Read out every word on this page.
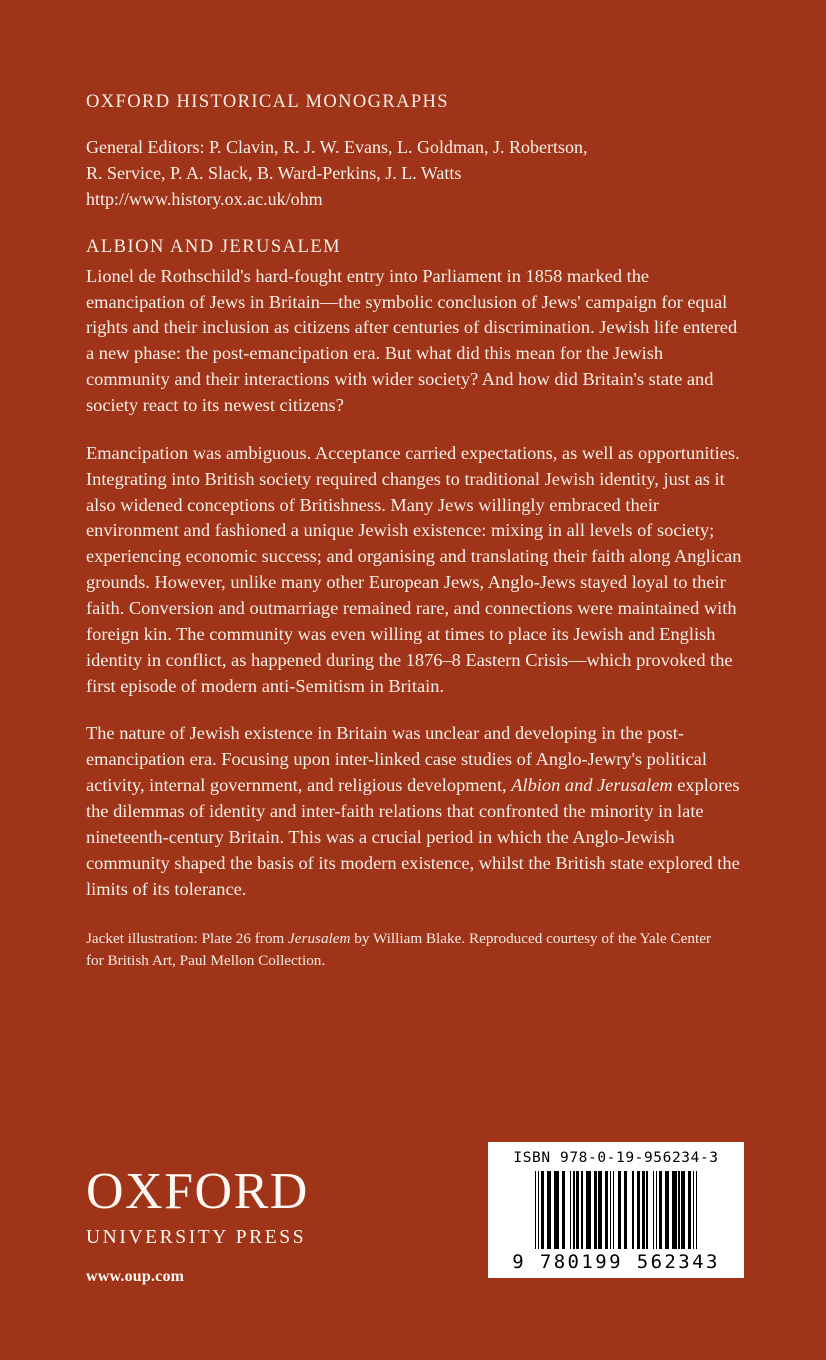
OXFORD HISTORICAL MONOGRAPHS
General Editors: P. Clavin, R. J. W. Evans, L. Goldman, J. Robertson,
R. Service, P. A. Slack, B. Ward-Perkins, J. L. Watts
http://www.history.ox.ac.uk/ohm
ALBION AND JERUSALEM

Lionel de Rothschild's hard-fought entry into Parliament in 1858 marked the emancipation of Jews in Britain—the symbolic conclusion of Jews' campaign for equal rights and their inclusion as citizens after centuries of discrimination. Jewish life entered a new phase: the post-emancipation era. But what did this mean for the Jewish community and their interactions with wider society? And how did Britain's state and society react to its newest citizens?

Emancipation was ambiguous. Acceptance carried expectations, as well as opportunities. Integrating into British society required changes to traditional Jewish identity, just as it also widened conceptions of Britishness. Many Jews willingly embraced their environment and fashioned a unique Jewish existence: mixing in all levels of society; experiencing economic success; and organising and translating their faith along Anglican grounds. However, unlike many other European Jews, Anglo-Jews stayed loyal to their faith. Conversion and outmarriage remained rare, and connections were maintained with foreign kin. The community was even willing at times to place its Jewish and English identity in conflict, as happened during the 1876–8 Eastern Crisis—which provoked the first episode of modern anti-Semitism in Britain.

The nature of Jewish existence in Britain was unclear and developing in the post-emancipation era. Focusing upon inter-linked case studies of Anglo-Jewry's political activity, internal government, and religious development, Albion and Jerusalem explores the dilemmas of identity and inter-faith relations that confronted the minority in late nineteenth-century Britain. This was a crucial period in which the Anglo-Jewish community shaped the basis of its modern existence, whilst the British state explored the limits of its tolerance.

Jacket illustration: Plate 26 from Jerusalem by William Blake. Reproduced courtesy of the Yale Center for British Art, Paul Mellon Collection.
OXFORD
UNIVERSITY PRESS
www.oup.com
ISBN 978-0-19-956234-3
9 780199 562343
